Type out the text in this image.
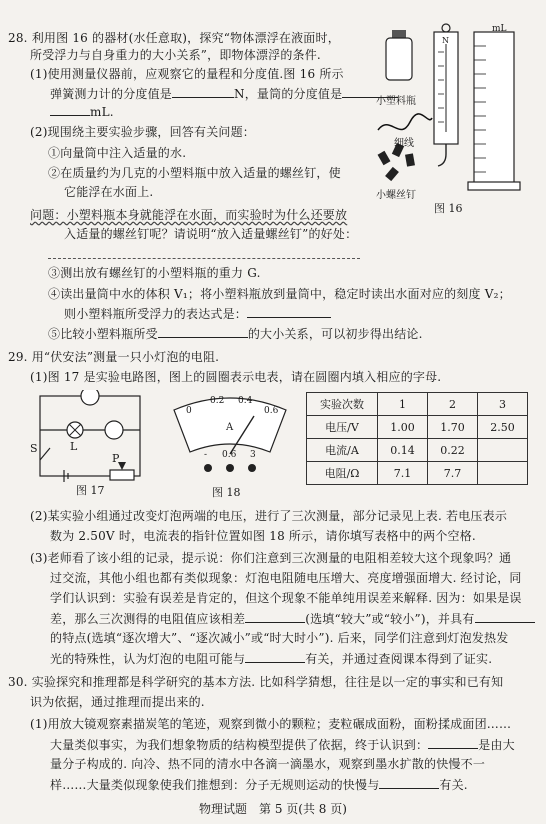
28. 利用图 16 的器材(水任意取)，探究“物体漂浮在液面时，
所受浮力与自身重力的大小关系”，即物体漂浮的条件.
(1)使用测量仪器前，应观察它的量程和分度值.图 16 所示
弹簧测力计的分度值是	N，量筒的分度值是
mL.
(2)现围绕主要实验步骤，回答有关问题：
①向量筒中注入适量的水.
②在质量约为几克的小塑料瓶中放入适量的螺丝钉，使
它能浮在水面上.
问题：小塑料瓶本身就能浮在水面，而实验时为什么还要放
入适量的螺丝钉呢？请说明“放入适量螺丝钉”的好处：
③测出放有螺丝钉的小塑料瓶的重力 G.
④读出量筒中水的体积 V₁；将小塑料瓶放到量筒中，稳定时读出水面对应的刻度 V₂；
则小塑料瓶所受浮力的表达式是：
⑤比较小塑料瓶所受	的大小关系，可以初步得出结论.
小塑料瓶
细线
小螺丝钉
N
mL
图 16
29. 用“伏安法”测量一只小灯泡的电阻.
(1)图 17 是实验电路图，图上的圆圈表示电表，请在圆圈内填入相应的字母.
L
S
P
图 17
0
0.2 0.4
0.6
A
- 0.6 3
图 18
实验次数	1	2	3
电压/V	1.00	1.70	2.50
电流/A	0.14	0.22	
电阻/Ω	7.1	7.7	
(2)某实验小组通过改变灯泡两端的电压，进行了三次测量，部分记录见上表. 若电压表示
数为 2.50V 时，电流表的指针位置如图 18 所示，请你填写表格中的两个空格.
(3)老师看了该小组的记录，提示说：你们注意到三次测量的电阻相差较大这个现象吗？通
过交流，其他小组也都有类似现象：灯泡电阻随电压增大、亮度增强面增大. 经讨论，同
学们认识到：实验有误差是肯定的，但这个现象不能单纯用误差来解释. 因为：如果是误
差，那么三次测得的电阻值应该相差	(选填“较大”或“较小”)，并具有
的特点(选填“逐次增大”、“逐次减小”或“时大时小”). 后来，同学们注意到灯泡发热发
光的特殊性，认为灯泡的电阻可能与	有关，并通过查阅课本得到了证实.
30. 实验探究和推理都是科学研究的基本方法. 比如科学猜想，往往是以一定的事实和已有知
识为依据，通过推理而提出来的.
(1)用放大镜观察素描炭笔的笔迹，观察到微小的颗粒；麦粒碾成面粉，面粉揉成面团……
大量类似事实，为我们想象物质的结构模型提供了依据，终于认识到：	是由大
量分子构成的. 向冷、热不同的清水中各滴一滴墨水，观察到墨水扩散的快慢不一
样……大量类似现象使我们推想到：分子无规则运动的快慢与	有关.
物理试题　第 5 页(共 8 页)
